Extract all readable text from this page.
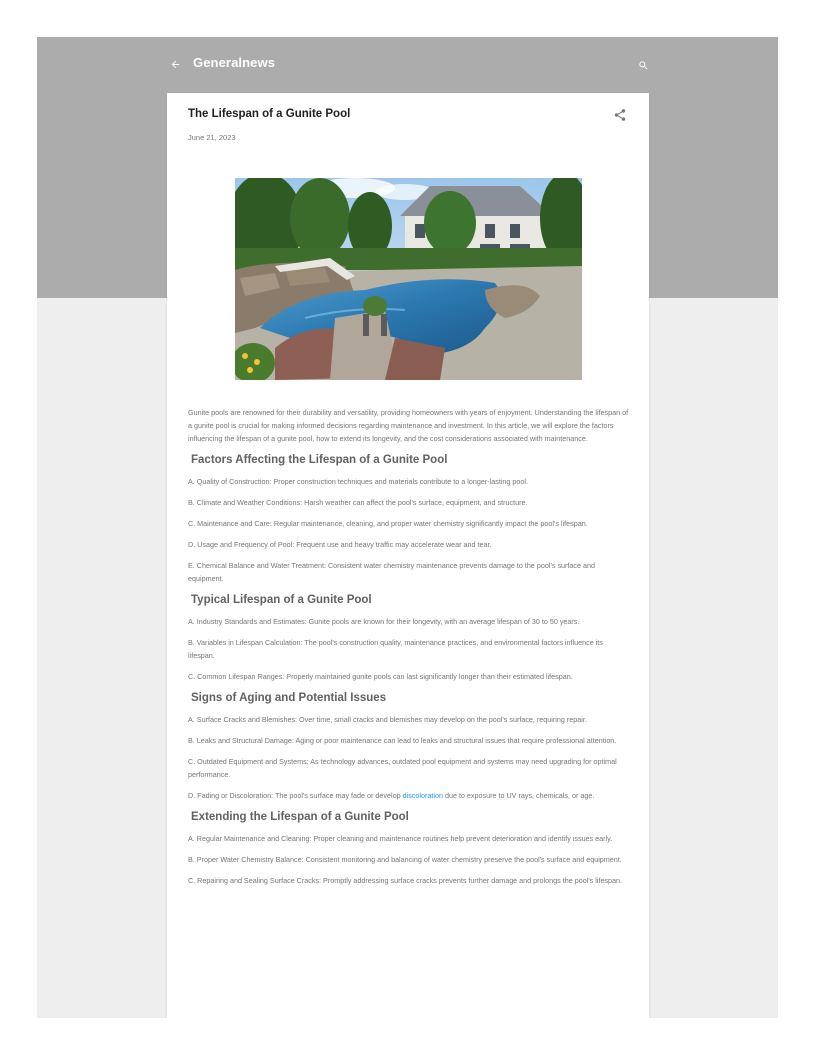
Generalnews
The Lifespan of a Gunite Pool
June 21, 2023

Gunite pools are renowned for their durability and versatility, providing homeowners with years of enjoyment. Understanding the lifespan of a gunite pool is crucial for making informed decisions regarding maintenance and investment. In this article, we will explore the factors influencing the lifespan of a gunite pool, how to extend its longevity, and the cost considerations associated with maintenance.

Factors Affecting the Lifespan of a Gunite Pool

A. Quality of Construction: Proper construction techniques and materials contribute to a longer-lasting pool.

B. Climate and Weather Conditions: Harsh weather can affect the pool's surface, equipment, and structure.

C. Maintenance and Care: Regular maintenance, cleaning, and proper water chemistry significantly impact the pool's lifespan.

D. Usage and Frequency of Pool: Frequent use and heavy traffic may accelerate wear and tear.

E. Chemical Balance and Water Treatment: Consistent water chemistry maintenance prevents damage to the pool's surface and equipment.

Typical Lifespan of a Gunite Pool

A. Industry Standards and Estimates: Gunite pools are known for their longevity, with an average lifespan of 30 to 50 years.

B. Variables in Lifespan Calculation: The pool's construction quality, maintenance practices, and environmental factors influence its lifespan.

C. Common Lifespan Ranges: Properly maintained gunite pools can last significantly longer than their estimated lifespan.

Signs of Aging and Potential Issues

A. Surface Cracks and Blemishes: Over time, small cracks and blemishes may develop on the pool's surface, requiring repair.

B. Leaks and Structural Damage: Aging or poor maintenance can lead to leaks and structural issues that require professional attention.

C. Outdated Equipment and Systems: As technology advances, outdated pool equipment and systems may need upgrading for optimal performance.

D. Fading or Discoloration: The pool's surface may fade or develop discoloration due to exposure to UV rays, chemicals, or age.

Extending the Lifespan of a Gunite Pool

A. Regular Maintenance and Cleaning: Proper cleaning and maintenance routines help prevent deterioration and identify issues early.

B. Proper Water Chemistry Balance: Consistent monitoring and balancing of water chemistry preserve the pool's surface and equipment.

C. Repairing and Sealing Surface Cracks: Promptly addressing surface cracks prevents further damage and prolongs the pool's lifespan.
